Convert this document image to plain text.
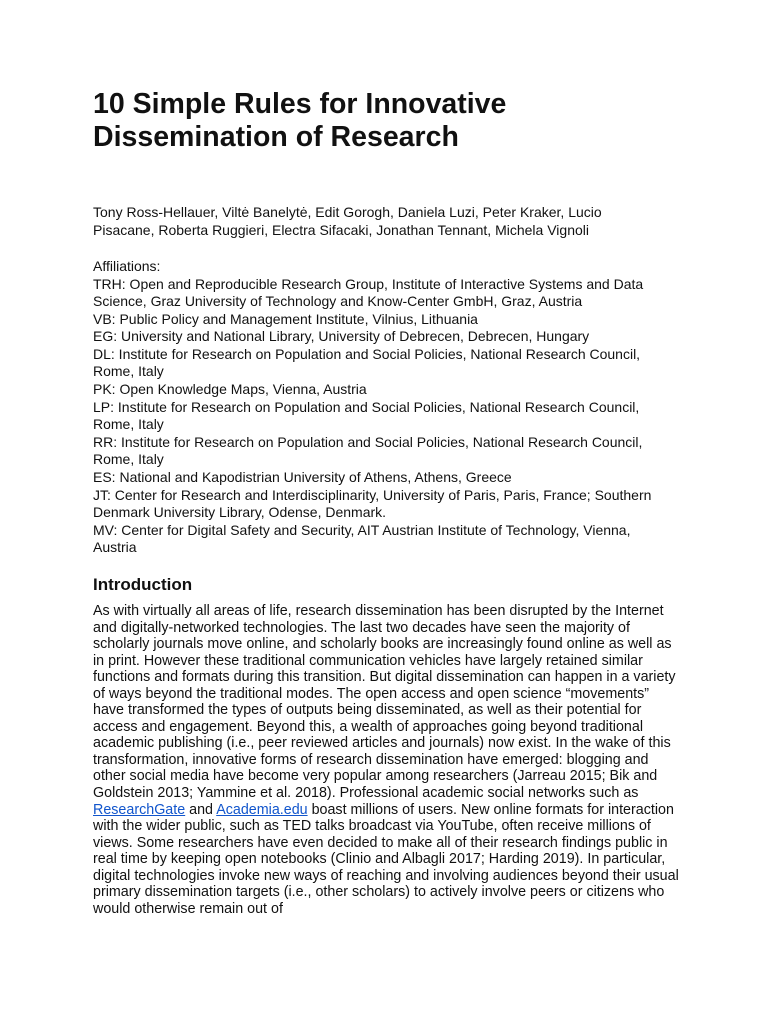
10 Simple Rules for Innovative
Dissemination of Research
Tony Ross-Hellauer, Viltė Banelytė, Edit Gorogh, Daniela Luzi, Peter Kraker, Lucio
Pisacane, Roberta Ruggieri, Electra Sifacaki, Jonathan Tennant, Michela Vignoli
Affiliations:
TRH: Open and Reproducible Research Group, Institute of Interactive Systems and Data
Science, Graz University of Technology and Know-Center GmbH, Graz, Austria
VB: Public Policy and Management Institute, Vilnius, Lithuania
EG: University and National Library, University of Debrecen, Debrecen, Hungary
DL: Institute for Research on Population and Social Policies, National Research Council,
Rome, Italy
PK: Open Knowledge Maps, Vienna, Austria
LP: Institute for Research on Population and Social Policies, National Research Council,
Rome, Italy
RR: Institute for Research on Population and Social Policies, National Research Council,
Rome, Italy
ES: National and Kapodistrian University of Athens, Athens, Greece
JT: Center for Research and Interdisciplinarity, University of Paris, Paris, France; Southern
Denmark University Library, Odense, Denmark.
MV: Center for Digital Safety and Security, AIT Austrian Institute of Technology, Vienna,
Austria
Introduction

As with virtually all areas of life, research dissemination has been disrupted by the Internet and digitally-networked technologies. The last two decades have seen the majority of scholarly journals move online, and scholarly books are increasingly found online as well as in print. However these traditional communication vehicles have largely retained similar functions and formats during this transition. But digital dissemination can happen in a variety of ways beyond the traditional modes. The open access and open science “movements” have transformed the types of outputs being disseminated, as well as their potential for access and engagement. Beyond this, a wealth of approaches going beyond traditional academic publishing (i.e., peer reviewed articles and journals) now exist. In the wake of this transformation, innovative forms of research dissemination have emerged: blogging and other social media have become very popular among researchers (Jarreau 2015; Bik and Goldstein 2013; Yammine et al. 2018). Professional academic social networks such as ResearchGate and Academia.edu boast millions of users. New online formats for interaction with the wider public, such as TED talks broadcast via YouTube, often receive millions of views. Some researchers have even decided to make all of their research findings public in real time by keeping open notebooks (Clinio and Albagli 2017; Harding 2019). In particular, digital technologies invoke new ways of reaching and involving audiences beyond their usual primary dissemination targets (i.e., other scholars) to actively involve peers or citizens who would otherwise remain out of
